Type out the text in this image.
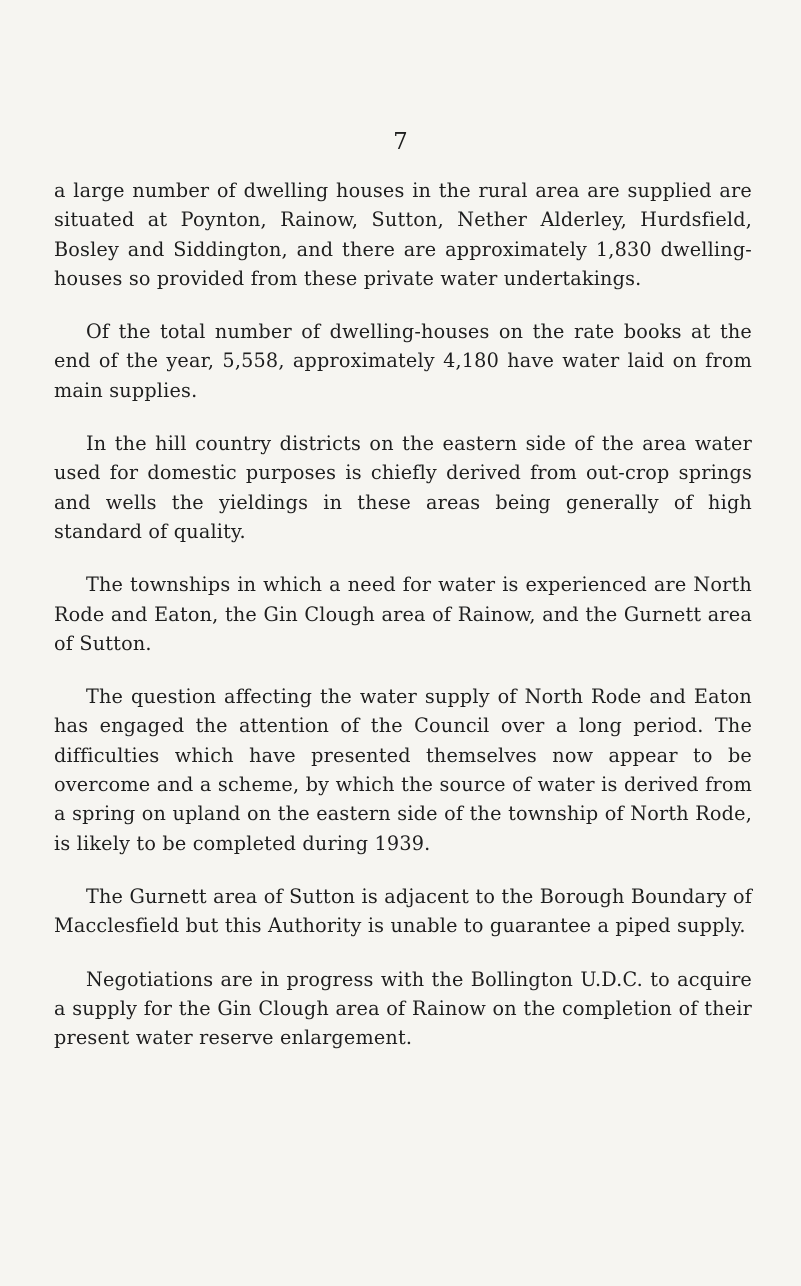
7

a large number of dwelling houses in the rural area are supplied are situated at Poynton, Rainow, Sutton, Nether Alderley, Hurdsfield, Bosley and Siddington, and there are approximately 1,830 dwelling-houses so provided from these private water undertakings.

Of the total number of dwelling-houses on the rate books at the end of the year, 5,558, approximately 4,180 have water laid on from main supplies.

In the hill country districts on the eastern side of the area water used for domestic purposes is chiefly derived from out-crop springs and wells the yieldings in these areas being generally of high standard of quality.

The townships in which a need for water is experienced are North Rode and Eaton, the Gin Clough area of Rainow, and the Gurnett area of Sutton.

The question affecting the water supply of North Rode and Eaton has engaged the attention of the Council over a long period. The difficulties which have presented themselves now appear to be overcome and a scheme, by which the source of water is derived from a spring on upland on the eastern side of the township of North Rode, is likely to be completed during 1939.

The Gurnett area of Sutton is adjacent to the Borough Boundary of Macclesfield but this Authority is unable to guarantee a piped supply.

Negotiations are in progress with the Bollington U.D.C. to acquire a supply for the Gin Clough area of Rainow on the completion of their present water reserve enlargement.
